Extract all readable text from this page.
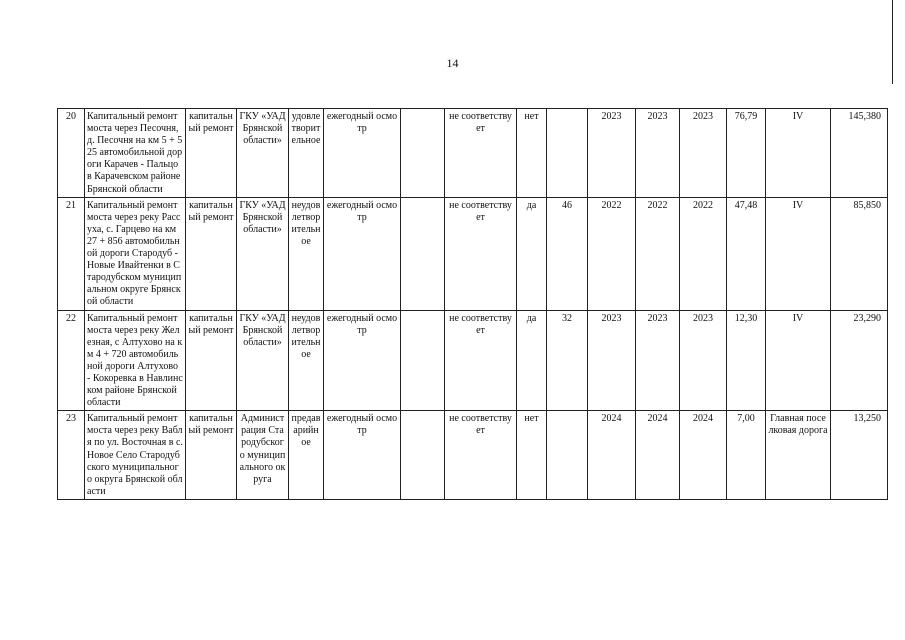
14
20	Капитальный ремонт моста через Песочня, д. Песочня на км 5 + 525 автомобильной дороги Карачев - Пальцо в Карачевском районе Брянской области	капитальный ремонт	ГКУ «УАД Брянской области»	удовлетворительное	ежегодный осмотр		не соответствует	нет		2023	2023	2023	76,79	IV	145,380
21	Капитальный ремонт моста через реку Рассуха, с. Гарцево на км 27 + 856 автомобильной дороги Стародуб - Новые Ивайтенки в Стародубском муниципальном округе Брянской области	капитальный ремонт	ГКУ «УАД Брянской области»	неудовлетворительное	ежегодный осмотр		не соответствует	да	46	2022	2022	2022	47,48	IV	85,850
22	Капитальный ремонт моста через реку Железная, с Алтухово на км 4 + 720 автомобильной дороги Алтухово - Кокоревка в Навлинском районе Брянской области	капитальный ремонт	ГКУ «УАД Брянской области»	неудовлетворительное	ежегодный осмотр		не соответствует	да	32	2023	2023	2023	12,30	IV	23,290
23	Капитальный ремонт моста через реку Вабля по ул. Восточная в с. Новое Село Стародубского муниципального округа Брянской области	капитальный ремонт	Администрация Стародубского муниципального округа	предаварийное	ежегодный осмотр		не соответствует	нет		2024	2024	2024	7,00	Главная поселковая дорога	13,250
